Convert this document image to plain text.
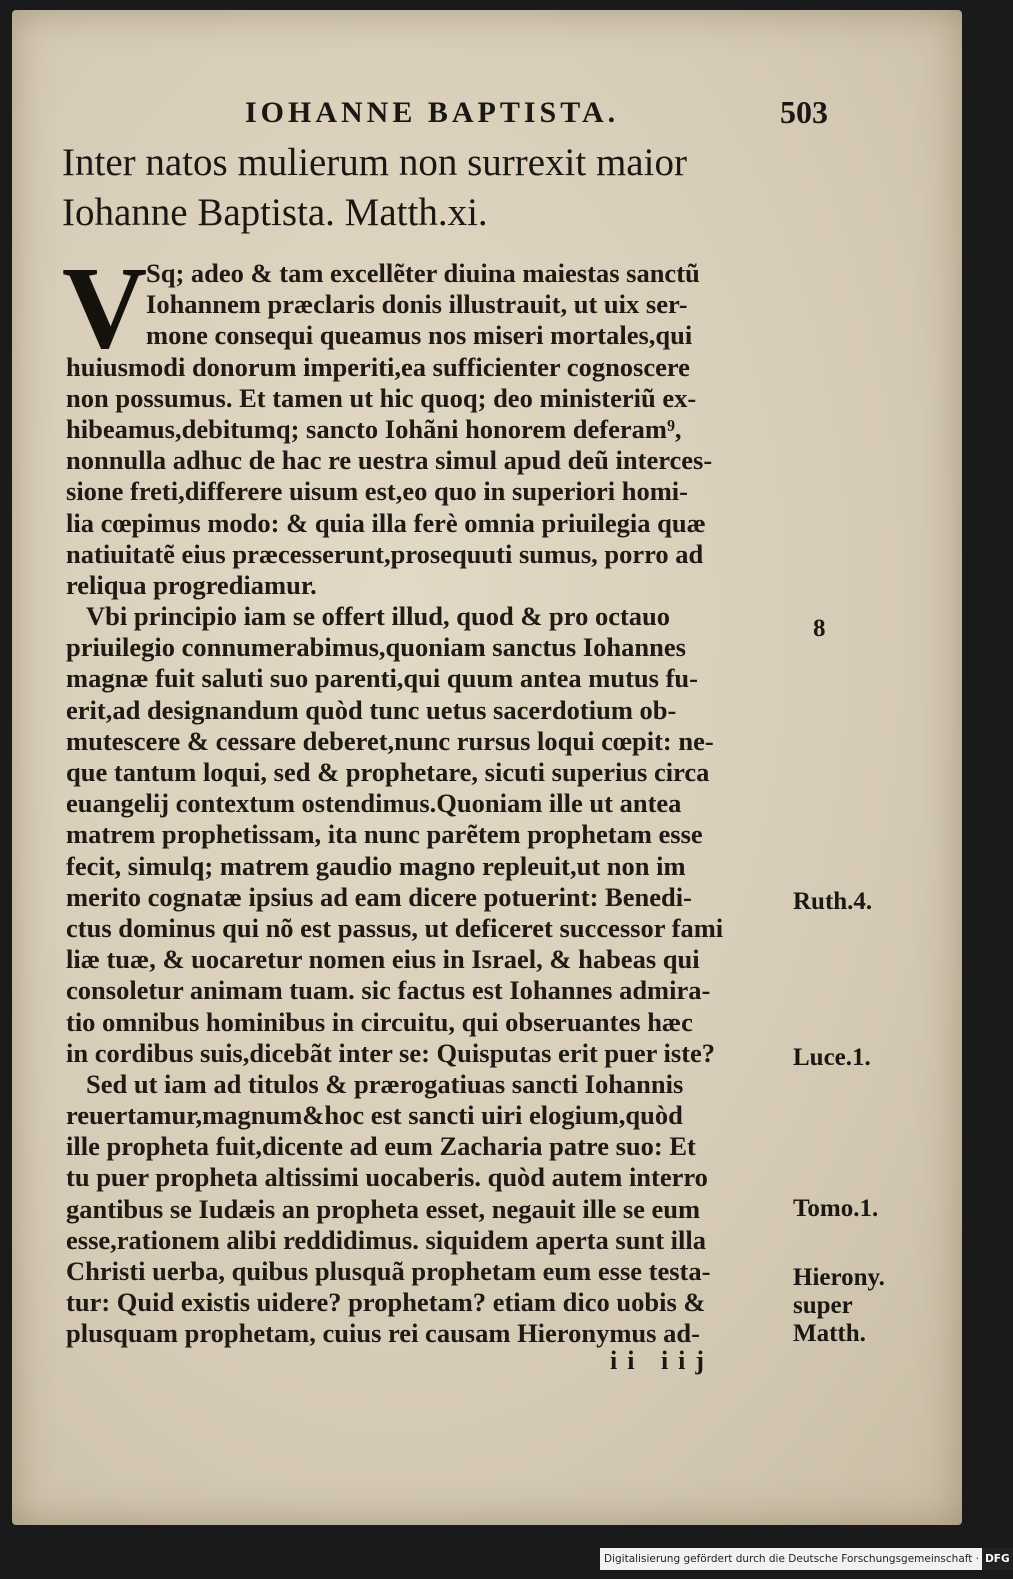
IOHANNE BAPTISTA.	503
Inter natos mulierum non surrexit maior
Iohanne Baptista. Matth.xi.
V
Sq; adeo & tam excellẽter diuina maiestas sanctũ
Iohannem præclaris donis illustrauit, ut uix ser-
mone consequi queamus nos miseri mortales,qui
huiusmodi donorum imperiti,ea sufficienter cognoscere
non possumus. Et tamen ut hic quoq; deo ministeriũ ex-
hibeamus,debitumq; sancto Iohãni honorem deferam⁹,
nonnulla adhuc de hac re uestra simul apud deũ interces-
sione freti,differere uisum est,eo quo in superiori homi-
lia cœpimus modo: & quia illa ferè omnia priuilegia quæ
natiuitatẽ eius præcesserunt,prosequuti sumus, porro ad
reliqua progrediamur.
Vbi principio iam se offert illud, quod & pro octauo
priuilegio connumerabimus,quoniam sanctus Iohannes
magnæ fuit saluti suo parenti,qui quum antea mutus fu-
erit,ad designandum quòd tunc uetus sacerdotium ob-
mutescere & cessare deberet,nunc rursus loqui cœpit: ne-
que tantum loqui, sed & prophetare, sicuti superius circa
euangelij contextum ostendimus.Quoniam ille ut antea
matrem prophetissam, ita nunc parẽtem prophetam esse
fecit, simulq; matrem gaudio magno repleuit,ut non im
merito cognatæ ipsius ad eam dicere potuerint: Benedi-
ctus dominus qui nõ est passus, ut deficeret successor fami
liæ tuæ, & uocaretur nomen eius in Israel, & habeas qui
consoletur animam tuam. sic factus est Iohannes admira-
tio omnibus hominibus in circuitu, qui obseruantes hæc
in cordibus suis,dicebãt inter se: Quisputas erit puer iste?
Sed ut iam ad titulos & prærogatiuas sancti Iohannis
reuertamur,magnum&hoc est sancti uiri elogium,quòd
ille propheta fuit,dicente ad eum Zacharia patre suo: Et
tu puer propheta altissimi uocaberis. quòd autem interro
gantibus se Iudæis an propheta esset, negauit ille se eum
esse,rationem alibi reddidimus. siquidem aperta sunt illa
Christi uerba, quibus plusquã prophetam eum esse testa-
tur: Quid existis uidere? prophetam? etiam dico uobis &
plusquam prophetam, cuius rei causam Hieronymus ad-
8
Ruth.4.
Luce.1.
Tomo.1.
Hierony.
super
Matth.
ii iij
Digitalisierung gefördert durch die Deutsche Forschungsgemeinschaft · DFG
